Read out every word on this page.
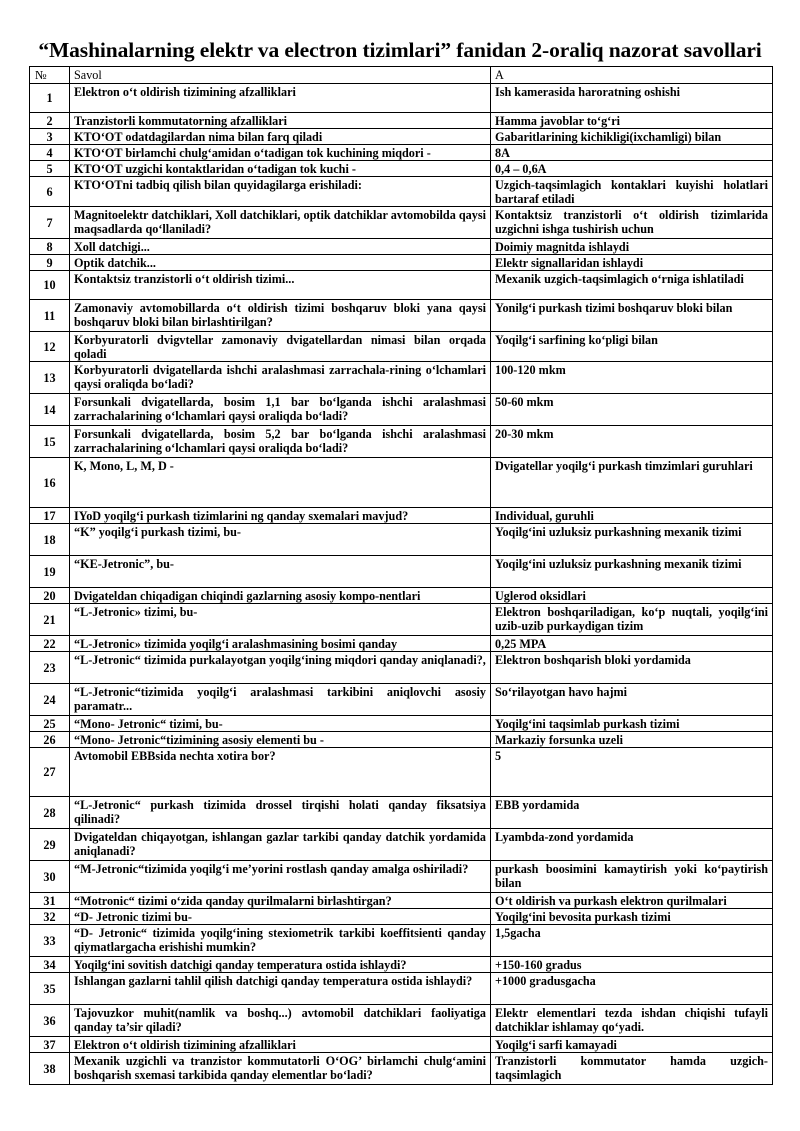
“Mashinalarning elektr va electron tizimlari” fanidan 2-oraliq nazorat savollari
№	Savol	A
1	Elektron o‘t oldirish tizimining afzalliklari	Ish kamerasida haroratning oshishi
2	Tranzistorli kommutatorning afzalliklari	Hamma javoblar to‘g‘ri
3	KTO‘OT odatdagilardan nima bilan farq qiladi	Gabaritlarining kichikligi(ixchamligi) bilan
4	KTO‘OT birlamchi chulg‘amidan o‘tadigan tok kuchining miqdori -	8A
5	KTO‘OT uzgichi kontaktlaridan o‘tadigan tok kuchi -	0,4 – 0,6A
6	KTO‘OTni tadbiq qilish bilan quyidagilarga erishiladi:	Uzgich-taqsimlagich kontaklari kuyishi holatlari bartaraf etiladi
7	Magnitoelektr datchiklari, Xoll datchiklari, optik datchiklar avtomobilda qaysi maqsadlarda qo‘llaniladi?	Kontaktsiz tranzistorli o‘t oldirish tizimlarida uzgichni ishga tushirish uchun
8	Xoll datchigi...	Doimiy magnitda ishlaydi
9	Optik datchik...	Elektr signallaridan ishlaydi
10	Kontaktsiz tranzistorli o‘t oldirish tizimi...	Mexanik uzgich-taqsimlagich o‘rniga ishlatiladi
11	Zamonaviy avtomobillarda o‘t oldirish tizimi boshqaruv bloki yana qaysi boshqaruv bloki bilan birlashtirilgan?	Yonilg‘i purkash tizimi boshqaruv bloki bilan
12	Korbyuratorli dvigvtellar zamonaviy dvigatellardan nimasi bilan orqada qoladi	Yoqilg‘i sarfining ko‘pligi bilan
13	Korbyuratorli dvigatellarda ishchi aralashmasi zarrachala-rining o‘lchamlari qaysi oraliqda bo‘ladi?	100-120 mkm
14	Forsunkali dvigatellarda, bosim 1,1 bar bo‘lganda ishchi aralashmasi zarrachalarining o‘lchamlari qaysi oraliqda bo‘ladi?	50-60 mkm
15	Forsunkali dvigatellarda, bosim 5,2 bar bo‘lganda ishchi aralashmasi zarrachalarining o‘lchamlari qaysi oraliqda bo‘ladi?	20-30 mkm
16	K, Mono, L, M, D -	Dvigatellar yoqilg‘i purkash timzimlari guruhlari
17	IYoD yoqilg‘i purkash tizimlarini ng qanday sxemalari mavjud?	Individual, guruhli
18	“K” yoqilg‘i purkash tizimi, bu-	Yoqilg‘ini uzluksiz purkashning mexanik tizimi
19	“KE-Jetronic”, bu-	Yoqilg‘ini uzluksiz purkashning mexanik tizimi
20	Dvigateldan chiqadigan chiqindi gazlarning asosiy kompo-nentlari	Uglerod oksidlari
21	“L-Jetronic» tizimi, bu-	Elektron boshqariladigan, ko‘p nuqtali, yoqilg‘ini uzib-uzib purkaydigan tizim
22	“L-Jetronic» tizimida yoqilg‘i aralashmasining bosimi qanday	0,25 MPA
23	“L-Jetronic“ tizimida purkalayotgan yoqilg‘ining miqdori qanday aniqlanadi?,	Elektron boshqarish bloki yordamida
24	“L-Jetronic“tizimida yoqilg‘i aralashmasi tarkibini aniqlovchi asosiy paramatr...	So‘rilayotgan havo hajmi
25	“Mono- Jetronic“ tizimi, bu-	Yoqilg‘ini taqsimlab purkash tizimi
26	“Mono- Jetronic“tizimining asosiy elementi bu -	Markaziy forsunka uzeli
27	Avtomobil EBBsida nechta xotira bor?	5
28	“L-Jetronic“ purkash tizimida drossel tirqishi holati qanday fiksatsiya qilinadi?	EBB yordamida
29	Dvigateldan chiqayotgan, ishlangan gazlar tarkibi qanday datchik yordamida aniqlanadi?	Lyambda-zond yordamida
30	“M-Jetronic“tizimida yoqilg‘i me’yorini rostlash qanday amalga oshiriladi?	purkash boosimini kamaytirish yoki ko‘paytirish bilan
31	“Motronic“ tizimi o‘zida qanday qurilmalarni birlashtirgan?	O‘t oldirish va purkash elektron qurilmalari
32	“D- Jetronic tizimi bu-	Yoqilg‘ini bevosita purkash tizimi
33	“D- Jetronic“ tizimida yoqilg‘ining stexiometrik tarkibi koeffitsienti qanday qiymatlargacha erishishi mumkin?	1,5gacha
34	Yoqilg‘ini sovitish datchigi qanday temperatura ostida ishlaydi?	+150-160 gradus
35	Ishlangan gazlarni tahlil qilish datchigi qanday temperatura ostida ishlaydi?	+1000 gradusgacha
36	Tajovuzkor muhit(namlik va boshq...) avtomobil datchiklari faoliyatiga qanday ta’sir qiladi?	Elektr elementlari tezda ishdan chiqishi tufayli datchiklar ishlamay qo‘yadi.
37	Elektron o‘t oldirish tizimining afzalliklari	Yoqilg‘i sarfi kamayadi
38	Mexanik uzgichli va tranzistor kommutatorli O‘OG’ birlamchi chulg‘amini boshqarish sxemasi tarkibida qanday elementlar bo‘ladi?	Tranzistorli kommutator hamda uzgich-taqsimlagich
